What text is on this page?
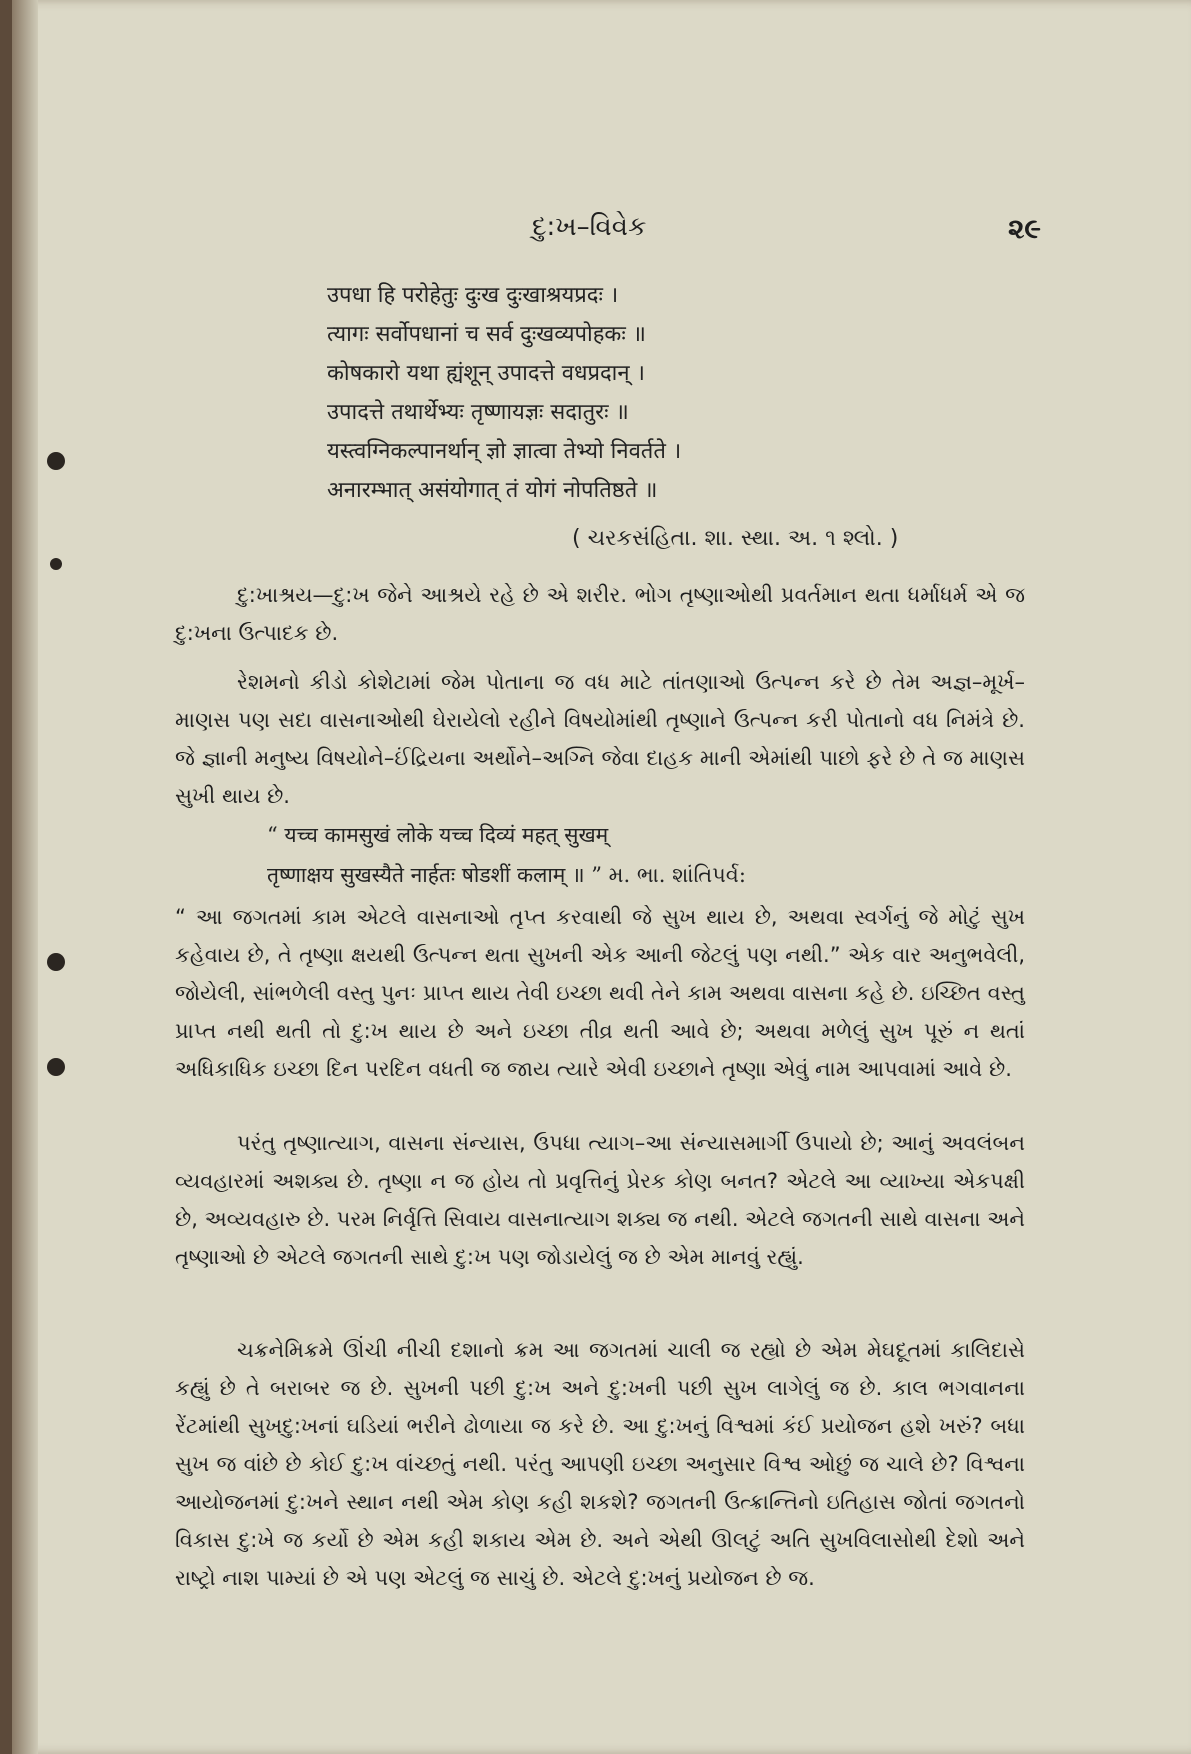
દુ:ખ–વિવેક	૨૯
उपधा हि परोहेतुः दुःख दुःखाश्रयप्रदः ।
त्यागः सर्वोपधानां च सर्व दुःखव्यपोहकः ॥
कोषकारो यथा ह्यंशून् उपादत्ते वधप्रदान् ।
उपादत्ते तथार्थेभ्यः तृष्णायज्ञः सदातुरः ॥
यस्त्वग्निकल्पानर्थान् ज्ञो ज्ञात्वा तेभ्यो निवर्तते ।
अनारम्भात् असंयोगात् तं योगं नोपतिष्ठते ॥
( ચરકસંહિતા. શા. સ્થા. અ. ૧ શ્લો. )
દુ:ખાશ્રય—દુ:ખ જેને આશ્રયે રહે છે એ શરીર. ભોગ તૃષ્ણાઓથી પ્રવર્તમાન થતા ધર્માધર્મ એ જ દુ:ખના ઉત્પાદક છે.
રેશમનો કીડો કોશેટામાં જેમ પોતાના જ વધ માટે તાંતણાઓ ઉત્પન્ન કરે છે તેમ અજ્ઞ–મૂર્ખ–માણસ પણ સદા વાસનાઓથી ઘેરાયેલો રહીને વિષયોમાંથી તૃષ્ણાને ઉત્પન્ન કરી પોતાનો વધ નિમંત્રે છે. જે જ્ઞાની મનુષ્ય વિષયોને–ઈંદ્રિયના અર્થોને–અગ્નિ જેવા દાહક માની એમાંથી પાછો ફરે છે તે જ માણસ સુખી થાય છે.
“ यच्च कामसुखं लोके यच्च दिव्यं महत् सुखम्
तृष्णाक्षय सुखस्यैते नार्हतः षोडशीं कलाम् ॥ ” મ. ભા. શાંતિપર્વ:
“ આ જગતમાં કામ એટલે વાસનાઓ તૃપ્ત કરવાથી જે સુખ થાય છે, અથવા સ્વર્ગનું જે મોટું સુખ કહેવાય છે, તે તૃષ્ણા ક્ષયથી ઉત્પન્ન થતા સુખની એક આની જેટલું પણ નથી.” એક વાર અનુભવેલી, જોયેલી, સાંભળેલી વસ્તુ પુનઃ પ્રાપ્ત થાય તેવી ઇચ્છા થવી તેને કામ અથવા વાસના કહે છે. ઇચ્છિત વસ્તુ પ્રાપ્ત નથી થતી તો દુ:ખ થાય છે અને ઇચ્છા તીવ્ર થતી આવે છે; અથવા મળેલું સુખ પૂરું ન થતાં અધિકાધિક ઇચ્છા દિન પરદિન વધતી જ જાય ત્યારે એવી ઇચ્છાને તૃષ્ણા એવું નામ આપવામાં આવે છે.
પરંતુ તૃષ્ણાત્યાગ, વાસના સંન્યાસ, ઉપધા ત્યાગ–આ સંન્યાસમાર્ગી ઉપાયો છે; આનું અવલંબન વ્યવહારમાં અશક્ય છે. તૃષ્ણા ન જ હોય તો પ્રવૃત્તિનું પ્રેરક કોણ બનત? એટલે આ વ્યાખ્યા એકપક્ષી છે, અવ્યવહારુ છે. પરમ નિર્વૃત્તિ સિવાય વાસનાત્યાગ શક્ય જ નથી. એટલે જગતની સાથે વાસના અને તૃષ્ણાઓ છે એટલે જગતની સાથે દુ:ખ પણ જોડાયેલું જ છે એમ માનવું રહ્યું.
ચક્રનેમિક્રમે ઊંચી નીચી દશાનો ક્રમ આ જગતમાં ચાલી જ રહ્યો છે એમ મેઘદૂતમાં કાલિદાસે કહ્યું છે તે બરાબર જ છે. સુખની પછી દુ:ખ અને દુ:ખની પછી સુખ લાગેલું જ છે. કાલ ભગવાનના રેંટમાંથી સુખદુ:ખનાં ઘડિયાં ભરીને ઢોળાયા જ કરે છે. આ દુ:ખનું વિશ્વમાં કંઈ પ્રયોજન હશે ખરું? બધા સુખ જ વાંછે છે કોઈ દુ:ખ વાંચ્છતું નથી. પરંતુ આપણી ઇચ્છા અનુસાર વિશ્વ ઓછું જ ચાલે છે? વિશ્વના આયોજનમાં દુ:ખને સ્થાન નથી એમ કોણ કહી શકશે? જગતની ઉત્ક્રાન્તિનો ઇતિહાસ જોતાં જગતનો વિકાસ દુ:ખે જ કર્યો છે એમ કહી શકાય એમ છે. અને એથી ઊલટું અતિ સુખવિલાસોથી દેશો અને રાષ્ટ્રો નાશ પામ્યાં છે એ પણ એટલું જ સાચું છે. એટલે દુ:ખનું પ્રયોજન છે જ.
